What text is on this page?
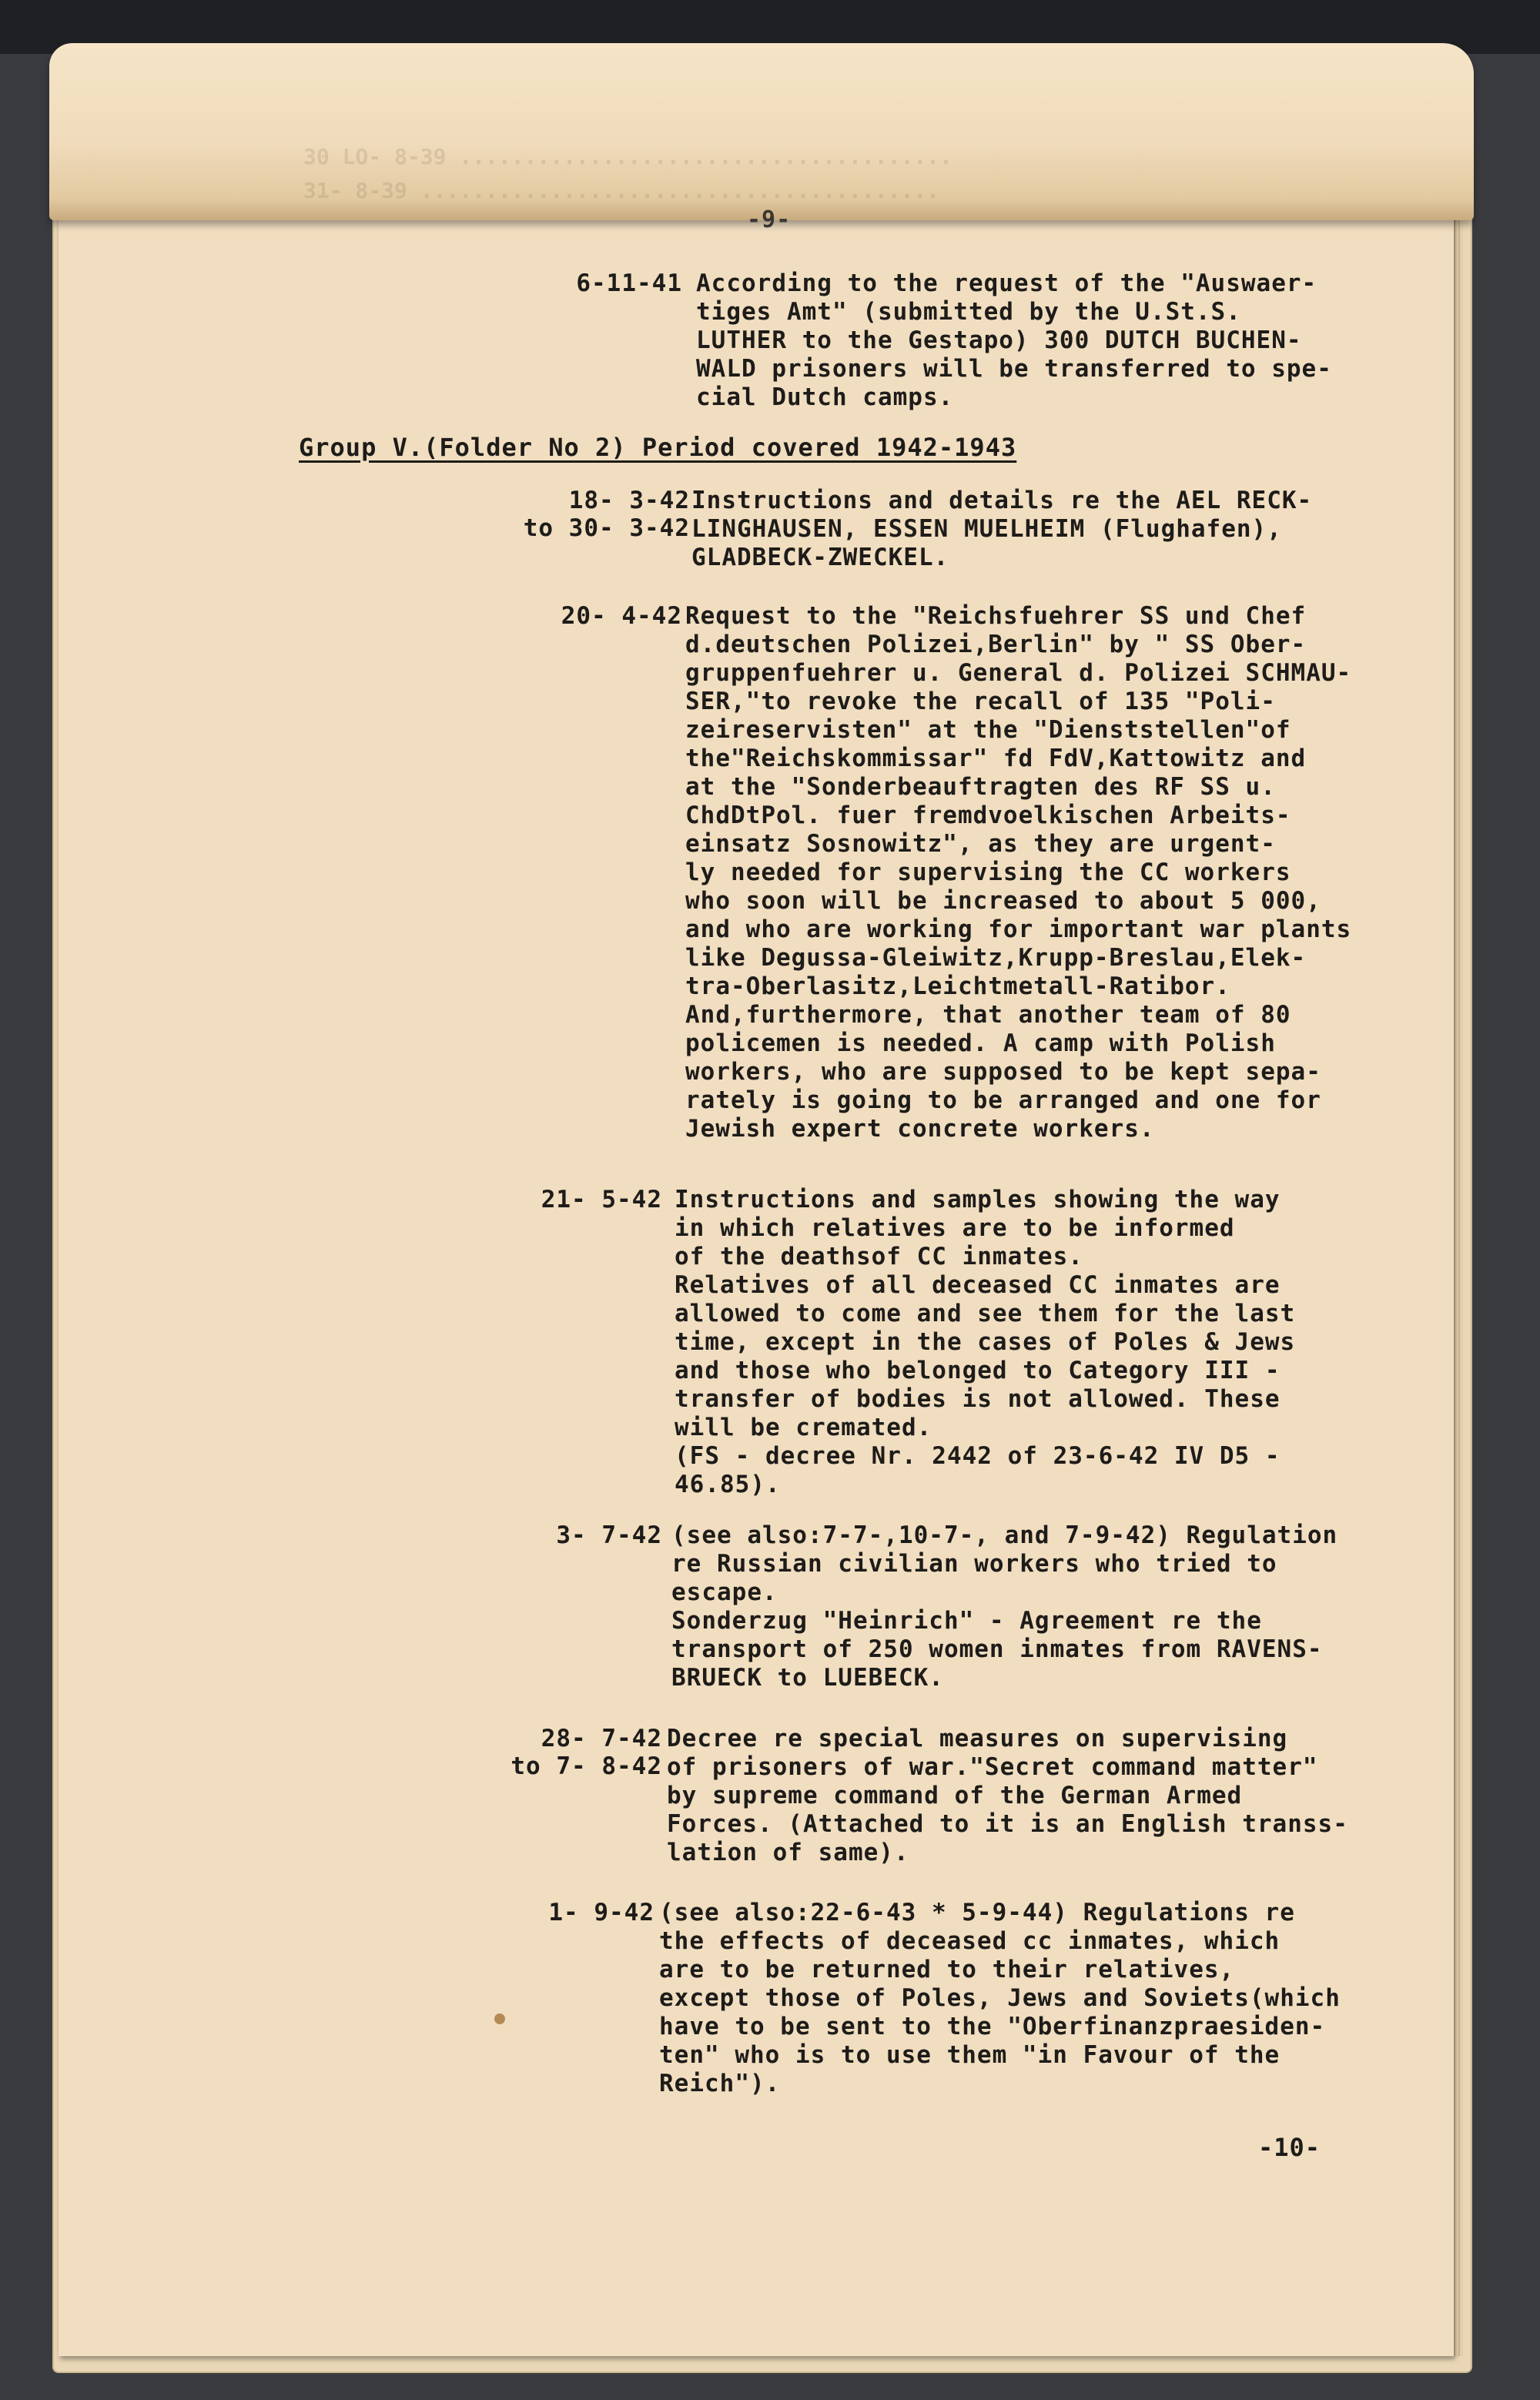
30 LO- 8-39 ......................................
31- 8-39 ........................................
-9-
6-11-41 According to the request of the "Auswaer-
tiges Amt" (submitted by the U.St.S.
LUTHER to the Gestapo) 300 DUTCH BUCHEN-
WALD prisoners will be transferred to spe-
cial Dutch camps.
Group V.(Folder No 2) Period covered 1942-1943
18- 3-42
to 30- 3-42
Instructions and details re the AEL RECK-
LINGHAUSEN, ESSEN MUELHEIM (Flughafen),
GLADBECK-ZWECKEL.
20- 4-42 Request to the "Reichsfuehrer SS und Chef
d.deutschen Polizei,Berlin" by " SS Ober-
gruppenfuehrer u. General d. Polizei SCHMAU-
SER,"to revoke the recall of 135 "Poli-
zeireservisten" at the "Dienststellen"of
the"Reichskommissar" fd FdV,Kattowitz and
at the "Sonderbeauftragten des RF SS u.
ChdDtPol. fuer fremdvoelkischen Arbeits-
einsatz Sosnowitz", as they are urgent-
ly needed for supervising the CC workers
who soon will be increased to about 5 000,
and who are working for important war plants
like Degussa-Gleiwitz,Krupp-Breslau,Elek-
tra-Oberlasitz,Leichtmetall-Ratibor.
And,furthermore, that another team of 80
policemen is needed. A camp with Polish
workers, who are supposed to be kept sepa-
rately is going to be arranged and one for
Jewish expert concrete workers.
21- 5-42 Instructions and samples showing the way
in which relatives are to be informed
of the deathsof CC inmates.
Relatives of all deceased CC inmates are
allowed to come and see them for the last
time, except in the cases of Poles & Jews
and those who belonged to Category III -
transfer of bodies is not allowed. These
will be cremated.
(FS - decree Nr. 2442 of 23-6-42 IV D5 -
46.85).
3- 7-42 (see also:7-7-,10-7-, and 7-9-42) Regulation
re Russian civilian workers who tried to
escape.
Sonderzug "Heinrich" - Agreement re the
transport of 250 women inmates from RAVENS-
BRUECK to LUEBECK.
28- 7-42
to 7- 8-42
Decree re special measures on supervising
of prisoners of war."Secret command matter"
by supreme command of the German Armed
Forces. (Attached to it is an English transs-
lation of same).
1- 9-42 (see also:22-6-43 * 5-9-44) Regulations re
the effects of deceased cc inmates, which
are to be returned to their relatives,
except those of Poles, Jews and Soviets(which
have to be sent to the "Oberfinanzpraesiden-
ten" who is to use them "in Favour of the
Reich").
-10-
